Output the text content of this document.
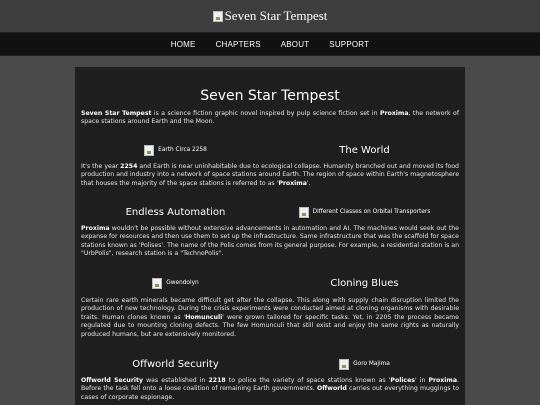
Seven Star Tempest
HOME	CHAPTERS	ABOUT	SUPPORT
Seven Star Tempest

Seven Star Tempest is a science fiction graphic novel inspired by pulp science fiction set in Proxima, the network of space stations around Earth and the Moon.

Earth Circa 2258	The World

It's the year 2254 and Earth is near uninhabitable due to ecological collapse. Humanity branched out and moved its food production and industry into a network of space stations around Earth. The region of space within Earth's magnetosphere that houses the majority of the space stations is referred to as 'Proxima'.

Endless Automation	Different Classes on Orbital Transporters

Proxima wouldn't be possible without extensive advancements in automation and AI. The machines would seek out the expanse for resources and then use them to set up the infrastructure. Same infrastructure that was the scaffold for space stations known as 'Polises'. The name of the Polis comes from its general purpose. For example, a residential station is an "UrbPolis", research station is a "TechnoPolis".

Gwendolyn	Cloning Blues

Certain rare earth minerals became difficult get after the collapse. This along with supply chain disruption limited the production of new technology. During the crisis experiments were conducted aimed at cloning organisms with desirable traits. Human clones known as 'Homunculi' were grown tailored for specific tasks. Yet, in 2205 the process became regulated due to mounting cloning defects. The few Homunculi that still exist and enjoy the same rights as naturally produced humans, but are extensively monitored.

Offworld Security	Goro Majima

Offworld Security was established in 2218 to police the variety of space stations known as 'Polices' in Proxima. Before the task fell onto a loose coalition of remaining Earth governments. Offworld carries out everything muggings to cases of corporate espionage.
